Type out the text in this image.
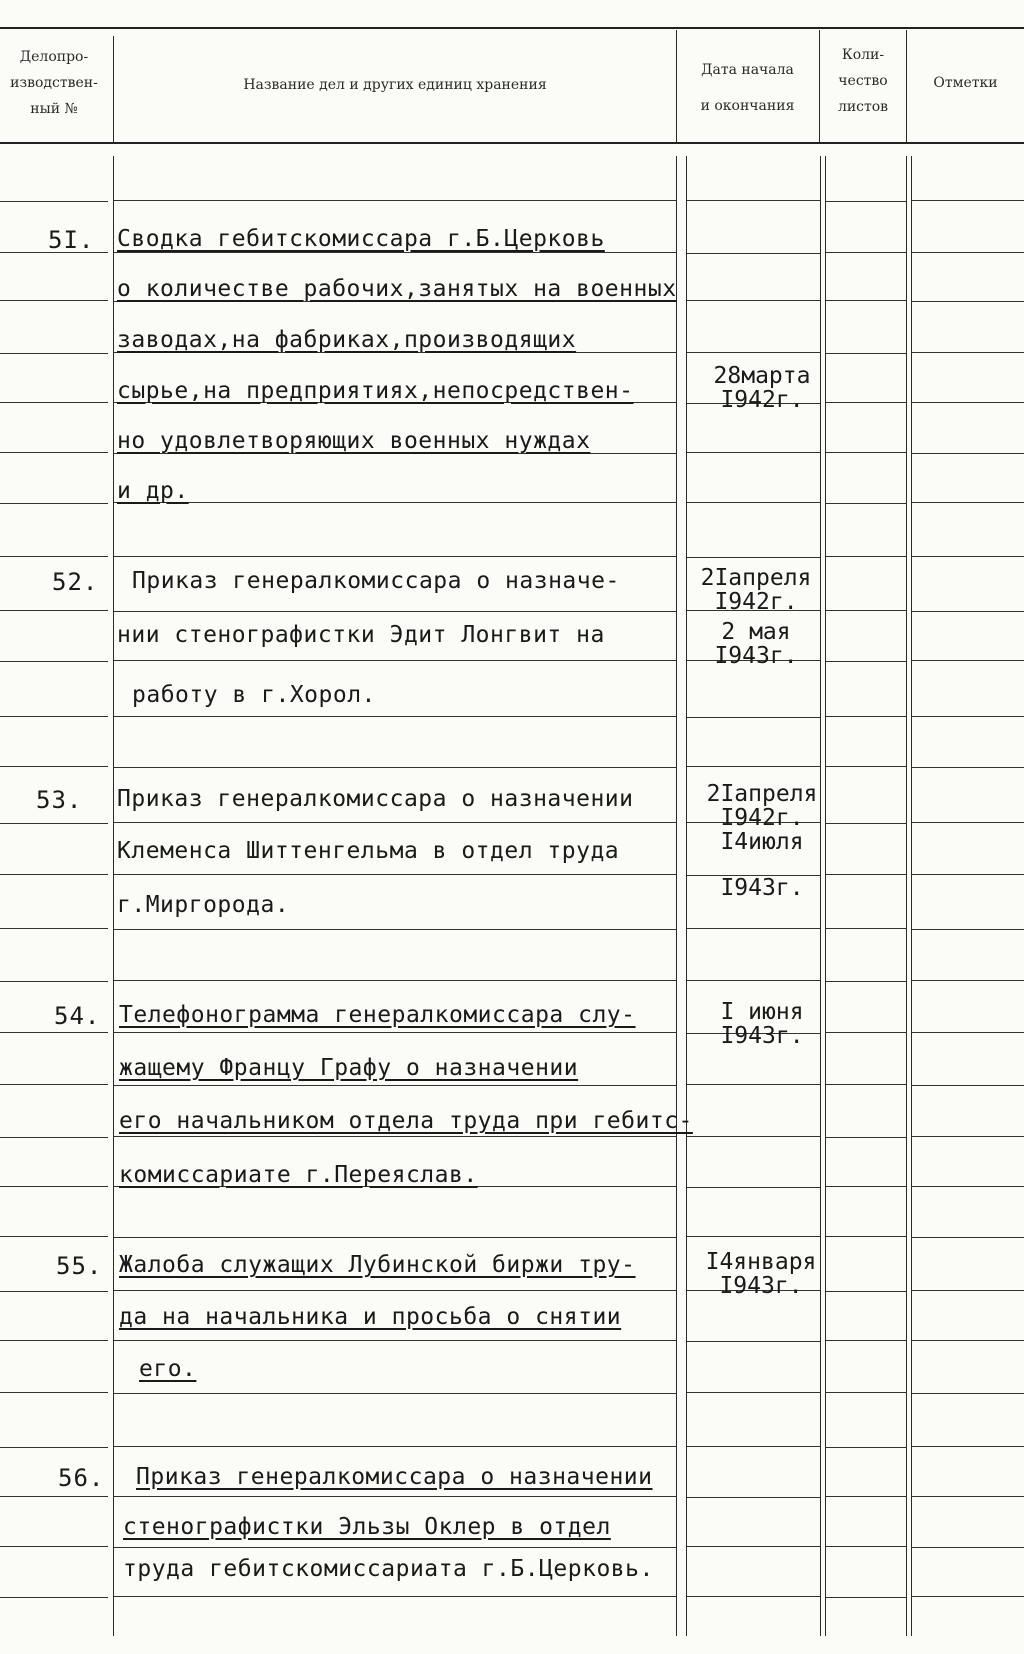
Делопро-
изводствен-
ный №
Название дел и других единиц хранения
Дата начала
и окончания
Коли-
чество
листов
Отметки
5I. Сводка гебитскомиссара г.Б.Церковь
о количестве рабочих,занятых на военных
заводах,на фабриках,производящих
сырье,на предприятиях,непосредствен-
но удовлетворяющих военных нуждах
и др.
28марта
I942г.
52. Приказ генералкомиссара о назначе-
нии стенографистки Эдит Лонгвит на
работу в г.Хорол.
2Iапреля
I942г.
2 мая
I943г.
53. Приказ генералкомиссара о назначении
Клеменса Шиттенгельма в отдел труда
г.Миргорода.
2Iапреля
I942г.
I4июля
I943г.
54. Телефонограмма генералкомиссара слу-
жащему Францу Графу о назначении
его начальником отдела труда при гебитс-
комиссариате г.Переяслав.
I июня
I943г.
55. Жалоба служащих Лубинской биржи тру-
да на начальника и просьба о снятии
его.
I4января
I943г.
56. Приказ генералкомиссара о назначении
стенографистки Эльзы Оклер в отдел
труда гебитскомиссариата г.Б.Церковь.
